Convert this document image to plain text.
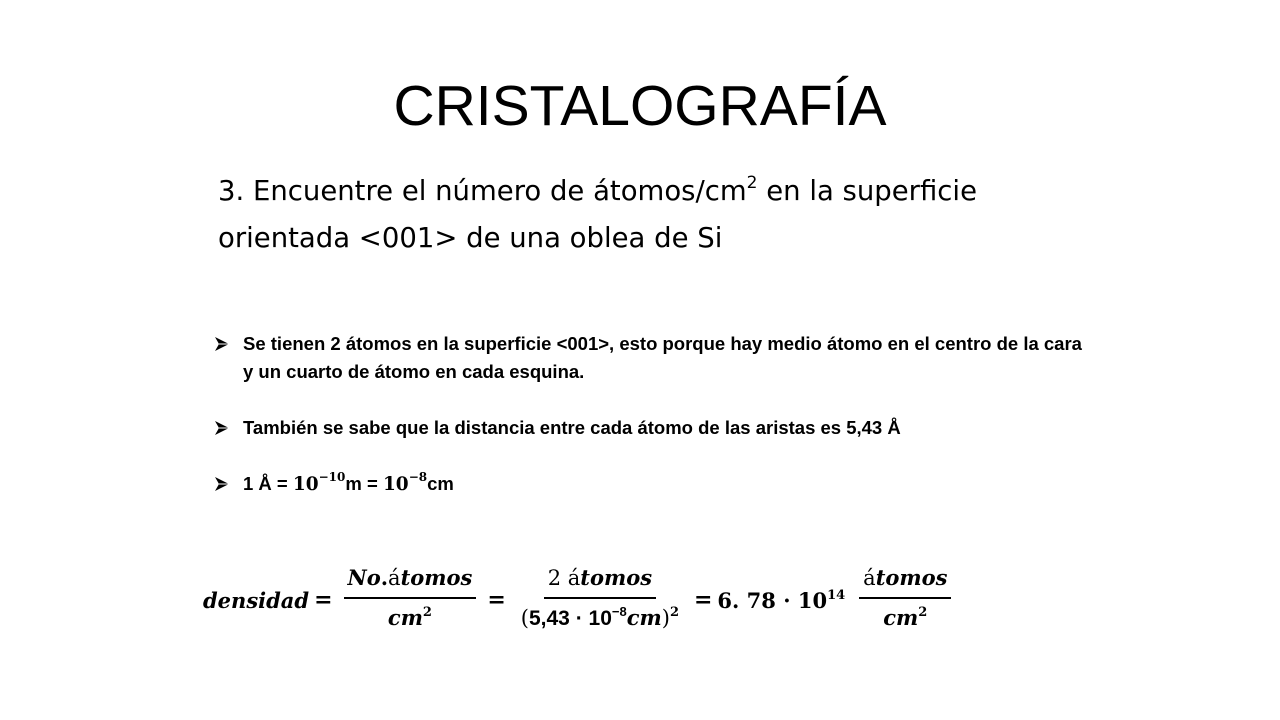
CRISTALOGRAFÍA
3. Encuentre el número de átomos/$cm^2$ en la superficie
orientada <001> de una oblea de Si
Se tienen 2 átomos en la superficie <001>, esto porque hay medio átomo en el centro de la cara y un cuarto de átomo en cada esquina.
También se sabe que la distancia entre cada átomo de las aristas es 5,43 Å
1 Å = $10^{-10}m = 10^{-8}cm$
densidad = $\frac{\text{No.átomos}}{cm^2} = \frac{\text{2 átomos}}{(5,43 \cdot 10^{-8}cm)^2} = 6$. $78 \cdot 10^{14} \frac{\text{átomos}}{cm^2}$
